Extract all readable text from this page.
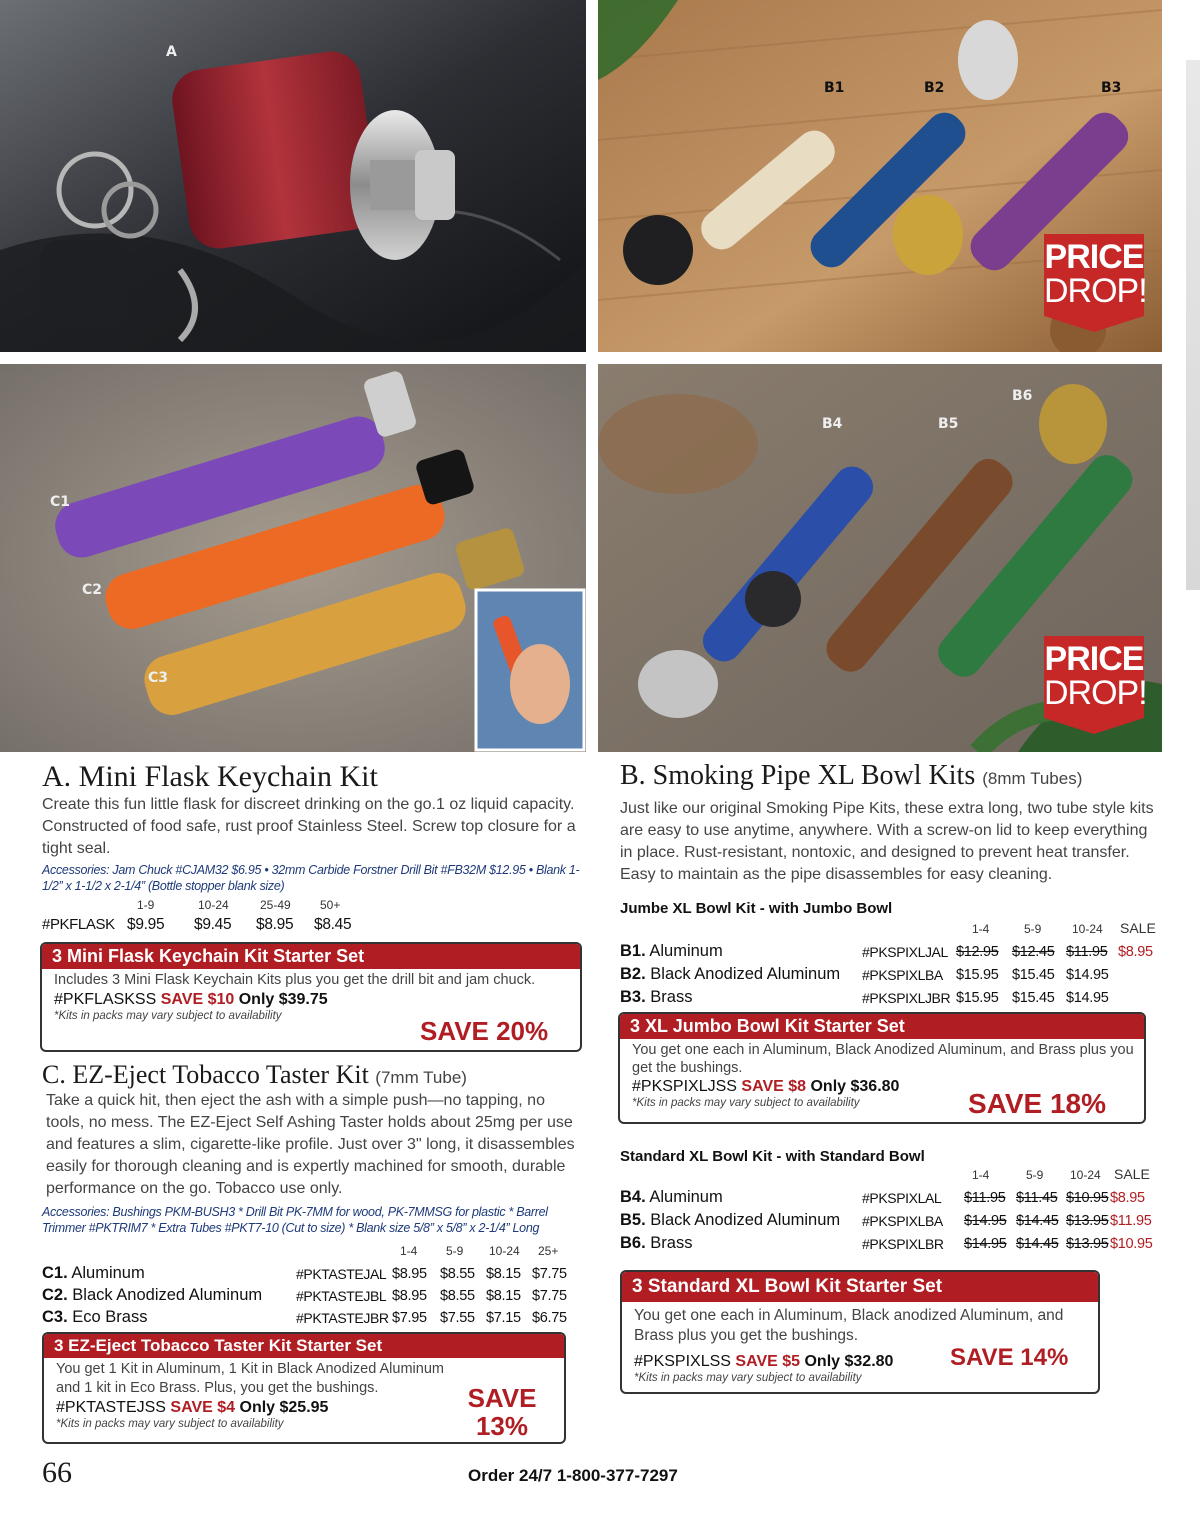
A
B1	B2	B3
PRICE
DROP!
C1
C2
C3
B4	B5
B6
PRICE
DROP!
A. Mini Flask Keychain Kit
Create this fun little flask for discreet drinking on the go.1 oz liquid capacity. Constructed of food safe, rust proof Stainless Steel. Screw top closure for a tight seal.
Accessories: Jam Chuck #CJAM32 $6.95 • 32mm Carbide Forstner Drill Bit #FB32M $12.95 • Blank 1-1/2” x 1-1/2 x 2-1/4” (Bottle stopper blank size)
1-9	10-24	25-49 50+
#PKFLASK $9.95 $9.45 $8.95 $8.45
3 Mini Flask Keychain Kit Starter Set
Includes 3 Mini Flask Keychain Kits plus you get the drill bit and jam chuck.
#PKFLASKSS SAVE $10 Only $39.75
*Kits in packs may vary subject to availability	SAVE 20%
C. EZ-Eject Tobacco Taster Kit (7mm Tube)
Take a quick hit, then eject the ash with a simple push—no tapping, no tools, no mess. The EZ-Eject Self Ashing Taster holds about 25mg per use and features a slim, cigarette-like profile. Just over 3" long, it disassembles easily for thorough cleaning and is expertly machined for smooth, durable performance on the go. Tobacco use only.
Accessories: Bushings PKM-BUSH3 * Drill Bit PK-7MM for wood, PK-7MMSG for plastic * Barrel Trimmer #PKTRIM7 * Extra Tubes #PKT7-10 (Cut to size) * Blank size 5/8” x 5/8” x 2-1/4” Long
1-4 5-9 10-24 25+
C1. Aluminum	#PKTASTEJAL $8.95 $8.55 $8.15 $7.75
C2. Black Anodized Aluminum #PKTASTEJBL $8.95 $8.55 $8.15 $7.75
C3. Eco Brass	#PKTASTEJBR $7.95 $7.55 $7.15 $6.75
3 EZ-Eject Tobacco Taster Kit Starter Set
You get 1 Kit in Aluminum, 1 Kit in Black Anodized Aluminum and 1 kit in Eco Brass. Plus, you get the bushings.
#PKTASTEJSS SAVE $4 Only $25.95
*Kits in packs may vary subject to availability
SAVE
13%
B. Smoking Pipe XL Bowl Kits (8mm Tubes)
Just like our original Smoking Pipe Kits, these extra long, two tube style kits are easy to use anytime, anywhere. With a screw-on lid to keep everything in place. Rust-resistant, nontoxic, and designed to prevent heat transfer. Easy to maintain as the pipe disassembles for easy cleaning.
Jumbe XL Bowl Kit - with Jumbo Bowl
1-4	5-9	10-24 SALE
B1. Aluminum	#PKSPIXLJAL $12.95 $12.45 $11.95 $8.95
B2. Black Anodized Aluminum #PKSPIXLBA $15.95 $15.45 $14.95
B3. Brass	#PKSPIXLJBR $15.95 $15.45 $14.95
3 XL Jumbo Bowl Kit Starter Set
You get one each in Aluminum, Black Anodized Aluminum, and Brass plus you get the bushings.
#PKSPIXLJSS SAVE $8 Only $36.80
*Kits in packs may vary subject to availability	SAVE 18%
Standard XL Bowl Kit - with Standard Bowl
1-4	5-9 10-24 SALE
B4. Aluminum	#PKSPIXLAL $11.95 $11.45 $10.95 $8.95
B5. Black Anodized Aluminum #PKSPIXLBA $14.95 $14.45 $13.95 $11.95
B6. Brass	#PKSPIXLBR $14.95 $14.45 $13.95 $10.95
3 Standard XL Bowl Kit Starter Set
You get one each in Aluminum, Black anodized Aluminum, and Brass plus you get the bushings.
#PKSPIXLSS SAVE $5 Only $32.80
*Kits in packs may vary subject to availability
SAVE 14%
66	Order 24/7 1-800-377-7297
